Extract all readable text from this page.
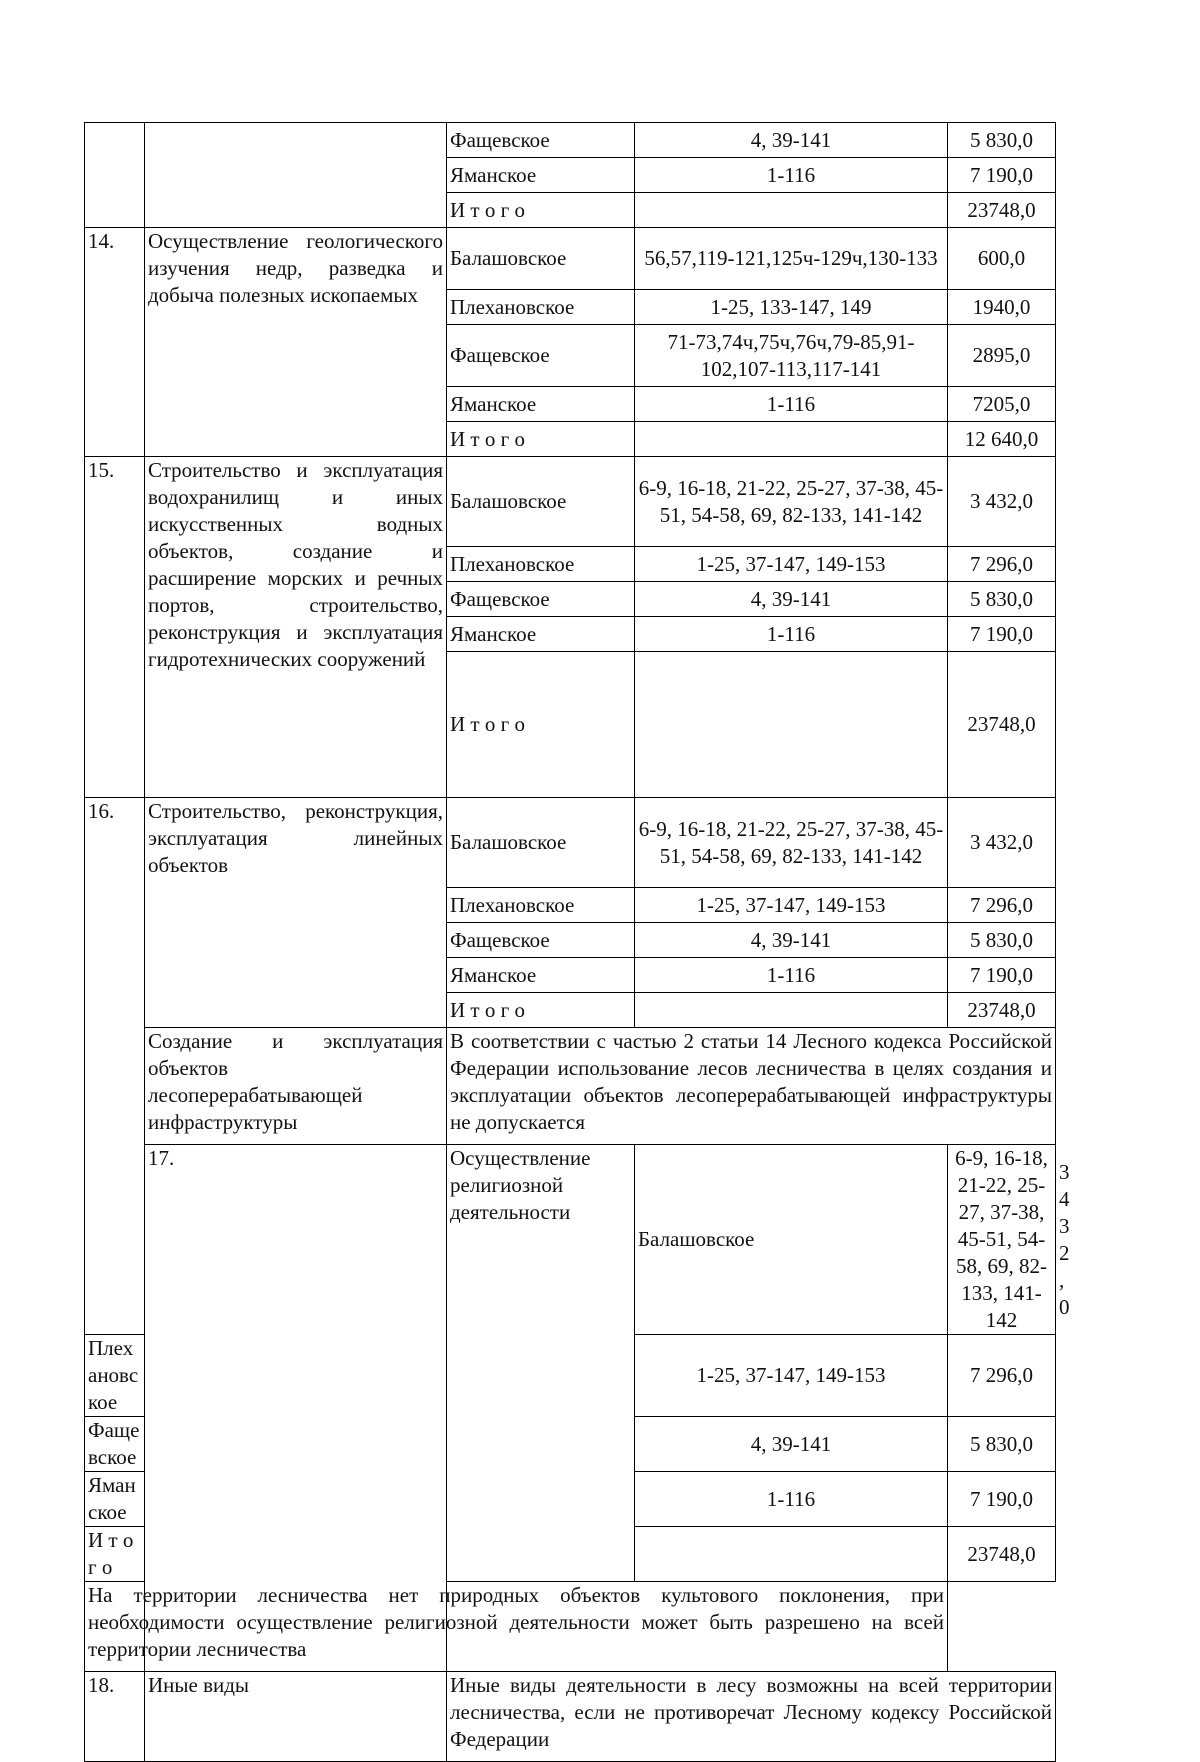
		Фащевское	4, 39-141	5 830,0	
		Яманское	1-116	7 190,0	
		И т о г о		23748,0	
14.	Осуществление геологического изучения недр, разведка и добыча полезных ископаемых	Балашовское	56,57,119-121,125ч-129ч,130-133	600,0	
		Плехановское	1-25, 133-147, 149	1940,0	
		Фащевское	71-73,74ч,75ч,76ч,79-85,91-102,107-113,117-141	2895,0	
		Яманское	1-116	7205,0	
		И т о г о		12 640,0	
15.	Строительство и эксплуатация водохранилищ и иных искусственных водных объектов, создание и расширение морских и речных портов, строительство, реконструкция и эксплуатация гидротехнических сооружений	Балашовское	6-9, 16-18, 21-22, 25-27, 37-38, 45-51, 54-58, 69, 82-133, 141-142	3 432,0	
		Плехановское	1-25, 37-147, 149-153	7 296,0	
		Фащевское	4, 39-141	5 830,0	
		Яманское	1-116	7 190,0	
		И т о г о		23748,0	
16.	Строительство, реконструкция, эксплуатация линейных объектов	Балашовское	6-9, 16-18, 21-22, 25-27, 37-38, 45-51, 54-58, 69, 82-133, 141-142	3 432,0	
		Плехановское	1-25, 37-147, 149-153	7 296,0	
		Фащевское	4, 39-141	5 830,0	
		Яманское	1-116	7 190,0	
		И т о г о		23748,0	
	Создание и эксплуатация объектов лесоперерабатывающей инфраструктуры	В соответствии с частью 2 статьи 14 Лесного кодекса Российской Федерации использование лесов лесничества в целях создания и эксплуатации объектов лесоперерабатывающей инфраструктуры не допускается			
	17.	Осуществление религиозной деятельности	Балашовское	6-9, 16-18, 21-22, 25-27, 37-38, 45-51, 54-58, 69, 82-133, 141-142	3 432,0
Плехановское			1-25, 37-147, 149-153	7 296,0	
Фащевское			4, 39-141	5 830,0	
Яманское			1-116	7 190,0	
И т о г о				23748,0	
На территории лесничества нет природных объектов культового поклонения, при необходимости осуществление религиозной деятельности может быть разрешено на всей территории лесничества					
18.	Иные виды	Иные виды деятельности в лесу возможны на всей территории лесничества, если не противоречат Лесному кодексу Российской Федерации			
